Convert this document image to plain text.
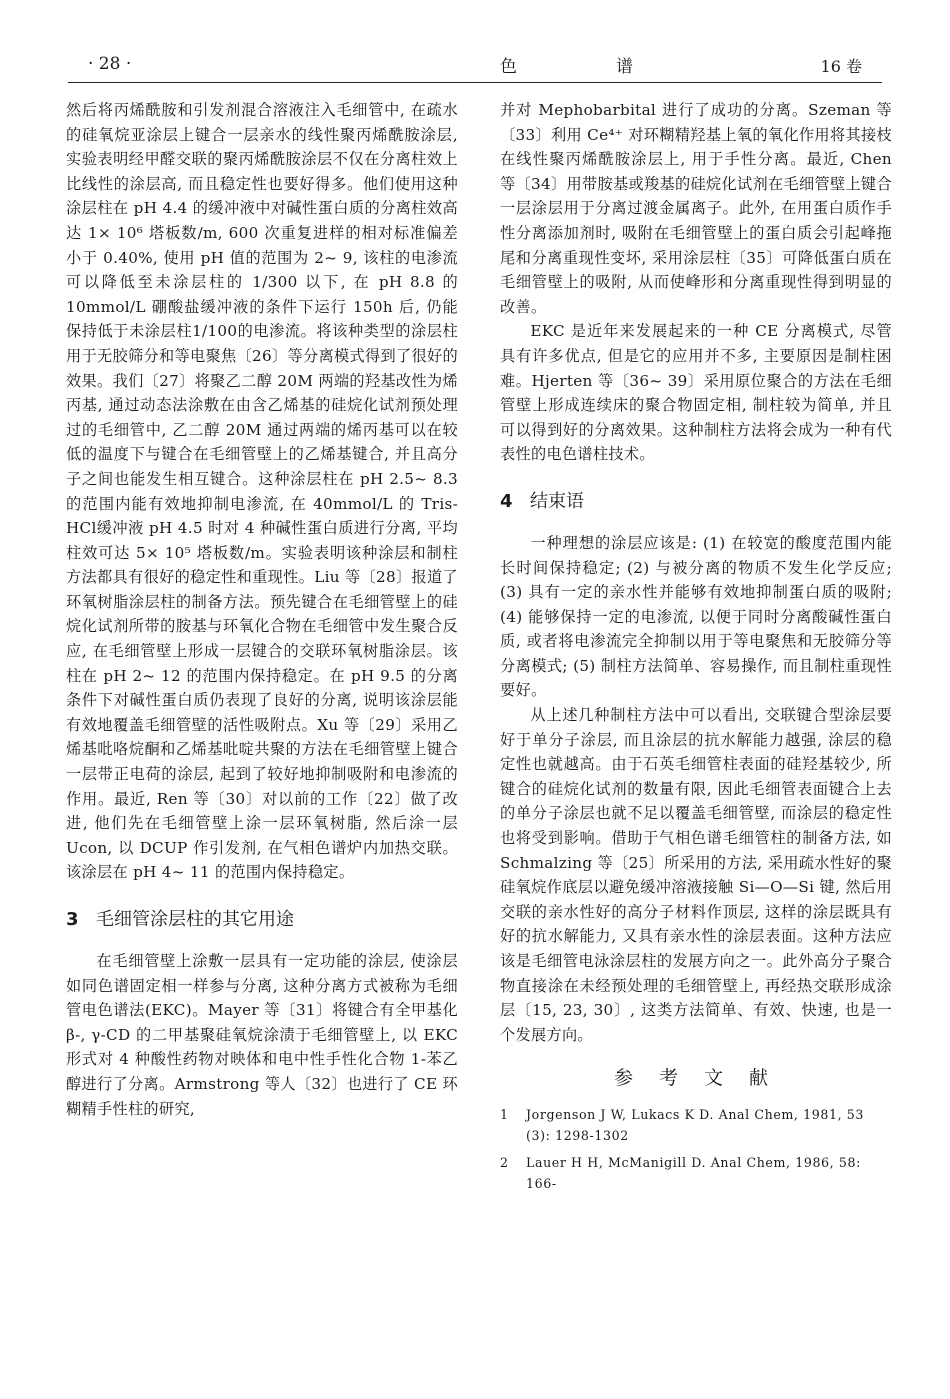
· 28 ·	色	谱	16 卷

然后将丙烯酰胺和引发剂混合溶液注入毛细管中, 在疏水的硅氧烷亚涂层上键合一层亲水的线性聚丙烯酰胺涂层, 实验表明经甲醛交联的聚丙烯酰胺涂层不仅在分离柱效上比线性的涂层高, 而且稳定性也要好得多。他们使用这种涂层柱在 pH 4.4 的缓冲液中对碱性蛋白质的分离柱效高达 1× 10⁶ 塔板数/m, 600 次重复进样的相对标准偏差小于 0.40%, 使用 pH 值的范围为 2~ 9, 该柱的电渗流可以降低至未涂层柱的 1/300 以下, 在 pH 8.8 的 10mmol/L 硼酸盐缓冲液的条件下运行 150h 后, 仍能保持低于未涂层柱1/100的电渗流。将该种类型的涂层柱用于无胶筛分和等电聚焦〔26〕等分离模式得到了很好的效果。我们〔27〕将聚乙二醇 20M 两端的羟基改性为烯丙基, 通过动态法涂敷在由含乙烯基的硅烷化试剂预处理过的毛细管中, 乙二醇 20M 通过两端的烯丙基可以在较低的温度下与键合在毛细管壁上的乙烯基键合, 并且高分子之间也能发生相互键合。这种涂层柱在 pH 2.5~ 8.3 的范围内能有效地抑制电渗流, 在 40mmol/L 的 Tris-HCl缓冲液 pH 4.5 时对 4 种碱性蛋白质进行分离, 平均柱效可达 5× 10⁵ 塔板数/m。实验表明该种涂层和制柱方法都具有很好的稳定性和重现性。Liu 等〔28〕报道了环氧树脂涂层柱的制备方法。预先键合在毛细管壁上的硅烷化试剂所带的胺基与环氧化合物在毛细管中发生聚合反应, 在毛细管壁上形成一层键合的交联环氧树脂涂层。该柱在 pH 2~ 12 的范围内保持稳定。在 pH 9.5 的分离条件下对碱性蛋白质仍表现了良好的分离, 说明该涂层能有效地覆盖毛细管壁的活性吸附点。Xu 等〔29〕采用乙烯基吡咯烷酮和乙烯基吡啶共聚的方法在毛细管壁上键合一层带正电荷的涂层, 起到了较好地抑制吸附和电渗流的作用。最近, Ren 等〔30〕对以前的工作〔22〕做了改进, 他们先在毛细管壁上涂一层环氧树脂, 然后涂一层 Ucon, 以 DCUP 作引发剂, 在气相色谱炉内加热交联。该涂层在 pH 4~ 11 的范围内保持稳定。

3 毛细管涂层柱的其它用途

在毛细管壁上涂敷一层具有一定功能的涂层, 使涂层如同色谱固定相一样参与分离, 这种分离方式被称为毛细管电色谱法(EKC)。Mayer 等〔31〕将键合有全甲基化 β-, γ-CD 的二甲基聚硅氧烷涂渍于毛细管壁上, 以 EKC 形式对 4 种酸性药物对映体和电中性手性化合物 1-苯乙醇进行了分离。Armstrong 等人〔32〕也进行了 CE 环糊精手性柱的研究,

并对 Mephobarbital 进行了成功的分离。Szeman 等〔33〕利用 Ce⁴⁺ 对环糊精羟基上氧的氧化作用将其接枝在线性聚丙烯酰胺涂层上, 用于手性分离。最近, Chen 等〔34〕用带胺基或羧基的硅烷化试剂在毛细管壁上键合一层涂层用于分离过渡金属离子。此外, 在用蛋白质作手性分离添加剂时, 吸附在毛细管壁上的蛋白质会引起峰拖尾和分离重现性变坏, 采用涂层柱〔35〕可降低蛋白质在毛细管壁上的吸附, 从而使峰形和分离重现性得到明显的改善。

EKC 是近年来发展起来的一种 CE 分离模式, 尽管具有许多优点, 但是它的应用并不多, 主要原因是制柱困难。Hjerten 等〔36~ 39〕采用原位聚合的方法在毛细管壁上形成连续床的聚合物固定相, 制柱较为简单, 并且可以得到好的分离效果。这种制柱方法将会成为一种有代表性的电色谱柱技术。

4 结束语

一种理想的涂层应该是: (1) 在较宽的酸度范围内能长时间保持稳定; (2) 与被分离的物质不发生化学反应; (3) 具有一定的亲水性并能够有效地抑制蛋白质的吸附; (4) 能够保持一定的电渗流, 以便于同时分离酸碱性蛋白质, 或者将电渗流完全抑制以用于等电聚焦和无胶筛分等分离模式; (5) 制柱方法简单、容易操作, 而且制柱重现性要好。

从上述几种制柱方法中可以看出, 交联键合型涂层要好于单分子涂层, 而且涂层的抗水解能力越强, 涂层的稳定性也就越高。由于石英毛细管柱表面的硅羟基较少, 所键合的硅烷化试剂的数量有限, 因此毛细管表面键合上去的单分子涂层也就不足以覆盖毛细管壁, 而涂层的稳定性也将受到影响。借助于气相色谱毛细管柱的制备方法, 如 Schmalzing 等〔25〕所采用的方法, 采用疏水性好的聚硅氧烷作底层以避免缓冲溶液接触 Si—O—Si 键, 然后用交联的亲水性好的高分子材料作顶层, 这样的涂层既具有好的抗水解能力, 又具有亲水性的涂层表面。这种方法应该是毛细管电泳涂层柱的发展方向之一。此外高分子聚合物直接涂在未经预处理的毛细管壁上, 再经热交联形成涂层〔15, 23, 30〕, 这类方法简单、有效、快速, 也是一个发展方向。

参 考 文 献
1	Jorgenson J W, Lukacs K D. Anal Chem, 1981, 53 (3): 1298-1302
2	Lauer H H, McManigill D. Anal Chem, 1986, 58: 166-
